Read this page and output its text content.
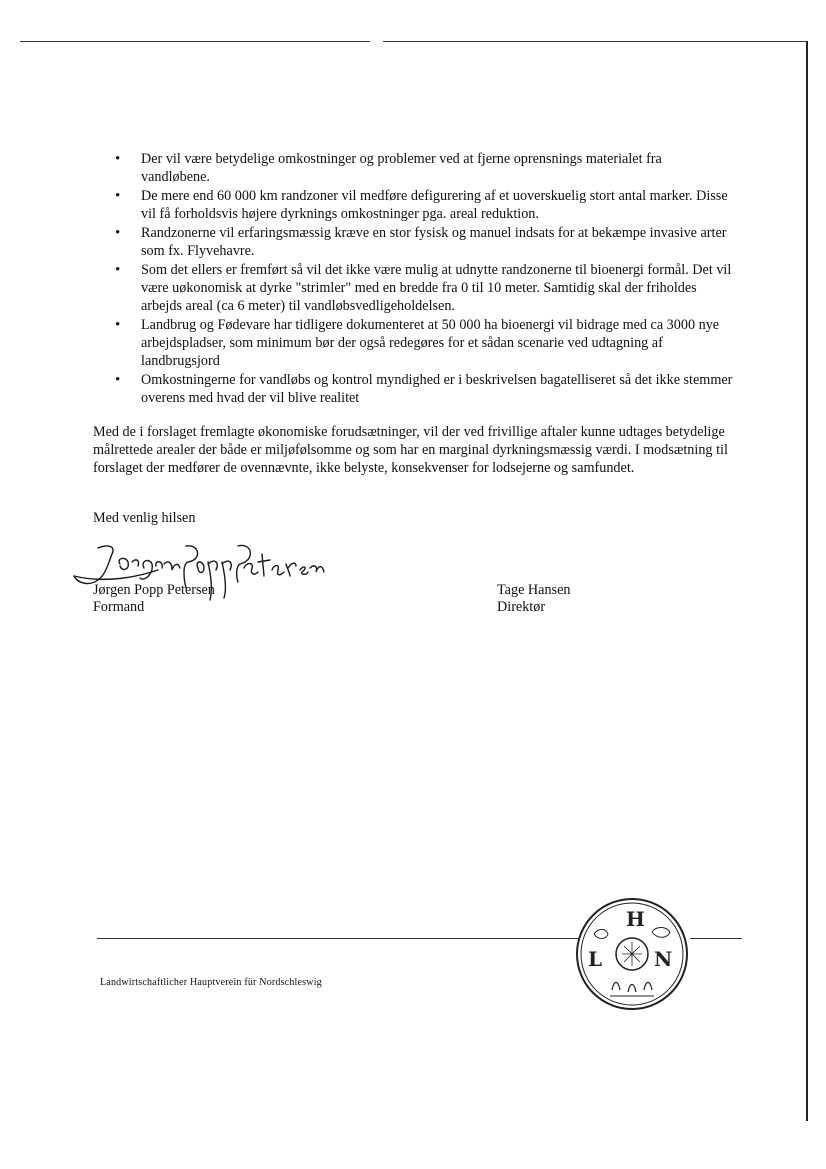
• Der vil være betydelige omkostninger og problemer ved at fjerne oprensnings materialet fra vandløbene.
• De mere end 60 000 km randzoner vil medføre defigurering af et uoverskuelig stort antal marker. Disse vil få forholdsvis højere dyrknings omkostninger pga. areal reduktion.
• Randzonerne vil erfaringsmæssig kræve en stor fysisk og manuel indsats for at bekæmpe invasive arter som fx. Flyvehavre.
• Som det ellers er fremført så vil det ikke være mulig at udnytte randzonerne til bioenergi formål. Det vil være uøkonomisk at dyrke "strimler" med en bredde fra 0 til 10 meter. Samtidig skal der friholdes arbejds areal (ca 6 meter) til vandløbsvedligeholdelsen.
• Landbrug og Fødevare har tidligere dokumenteret at 50 000 ha bioenergi vil bidrage med ca 3000 nye arbejdspladser, som minimum bør der også redegøres for et sådan scenarie ved udtagning af landbrugsjord
• Omkostningerne for vandløbs og kontrol myndighed er i beskrivelsen bagatelliseret så det ikke stemmer overens med hvad der vil blive realitet

Med de i forslaget fremlagte økonomiske forudsætninger, vil der ved frivillige aftaler kunne udtages betydelige målrettede arealer der både er miljøfølsomme og som har en marginal dyrkningsmæssig værdi. I modsætning til forslaget der medfører de ovennævnte, ikke belyste, konsekvenser for lodsejerne og samfundet.

Med venlig hilsen

Jørgen Popp Petersen
Formand
Tage Hansen
Direktør
Landwirtschaftlicher Hauptverein für Nordschleswig
H
L	N
